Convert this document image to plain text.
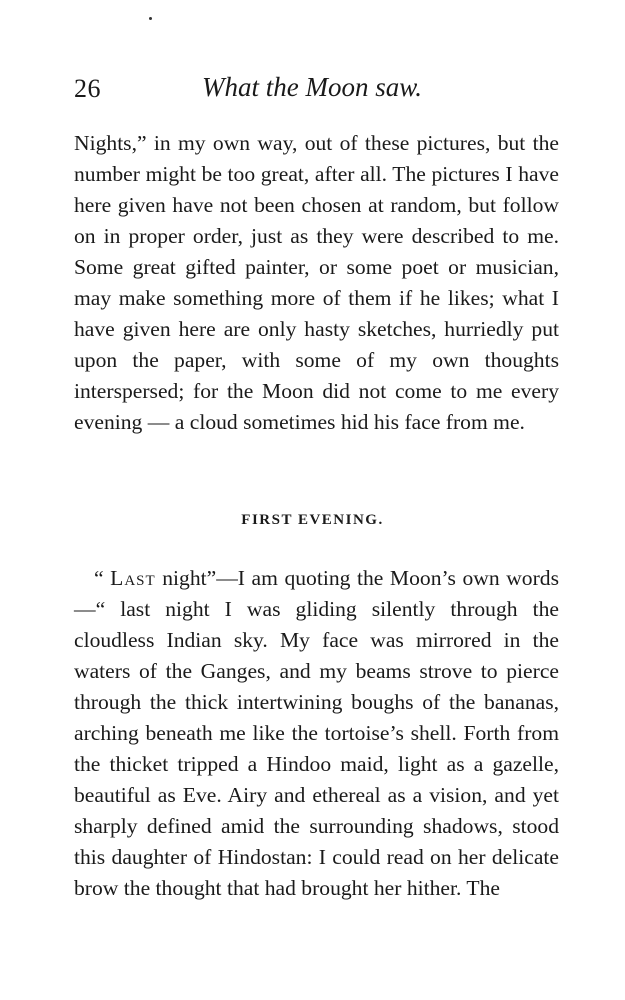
26	What the Moon saw.

Nights,” in my own way, out of these pictures, but the number might be too great, after all. The pictures I have here given have not been chosen at random, but follow on in proper order, just as they were described to me. Some great gifted painter, or some poet or musician, may make something more of them if he likes; what I have given here are only hasty sketches, hurriedly put upon the paper, with some of my own thoughts interspersed; for the Moon did not come to me every evening — a cloud sometimes hid his face from me.

FIRST EVENING.

“ Last night”—I am quoting the Moon’s own words—“ last night I was gliding silently through the cloudless Indian sky. My face was mirrored in the waters of the Ganges, and my beams strove to pierce through the thick intertwining boughs of the bananas, arching beneath me like the tortoise’s shell. Forth from the thicket tripped a Hindoo maid, light as a gazelle, beautiful as Eve. Airy and ethereal as a vision, and yet sharply defined amid the surrounding shadows, stood this daughter of Hindostan: I could read on her delicate brow the thought that had brought her hither. The
